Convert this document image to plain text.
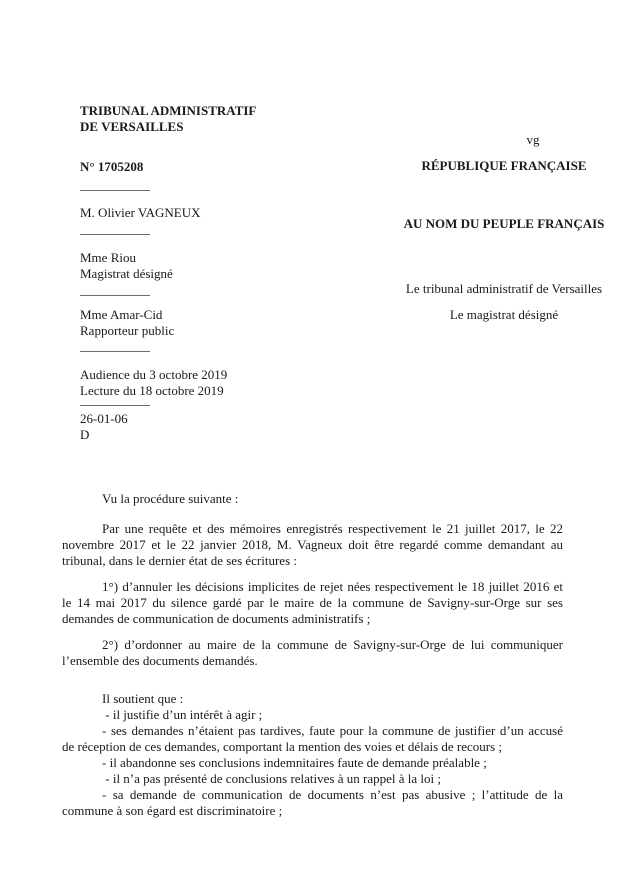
TRIBUNAL ADMINISTRATIF
DE VERSAILLES
vg
N° 1705208	RÉPUBLIQUE FRANÇAISE
M. Olivier VAGNEUX
AU NOM DU PEUPLE FRANÇAIS
Mme Riou
Magistrat désigné
Le tribunal administratif de Versailles
Mme Amar-Cid	Le magistrat désigné
Rapporteur public
Audience du 3 octobre 2019
Lecture du 18 octobre 2019
26-01-06
D
Vu la procédure suivante :
Par une requête et des mémoires enregistrés respectivement le 21 juillet 2017, le 22
novembre 2017 et le 22 janvier 2018, M. Vagneux doit être regardé comme demandant au
tribunal, dans le dernier état de ses écritures :
1°) d’annuler les décisions implicites de rejet nées respectivement le 18 juillet 2016 et
le 14 mai 2017 du silence gardé par le maire de la commune de Savigny-sur-Orge sur ses
demandes de communication de documents administratifs ;
2°) d’ordonner au maire de la commune de Savigny-sur-Orge de lui communiquer
l’ensemble des documents demandés.
Il soutient que :
- il justifie d’un intérêt à agir ;
- ses demandes n’étaient pas tardives, faute pour la commune de justifier d’un accusé
de réception de ces demandes, comportant la mention des voies et délais de recours ;
- il abandonne ses conclusions indemnitaires faute de demande préalable ;
- il n’a pas présenté de conclusions relatives à un rappel à la loi ;
- sa demande de communication de documents n’est pas abusive ; l’attitude de la
commune à son égard est discriminatoire ;
